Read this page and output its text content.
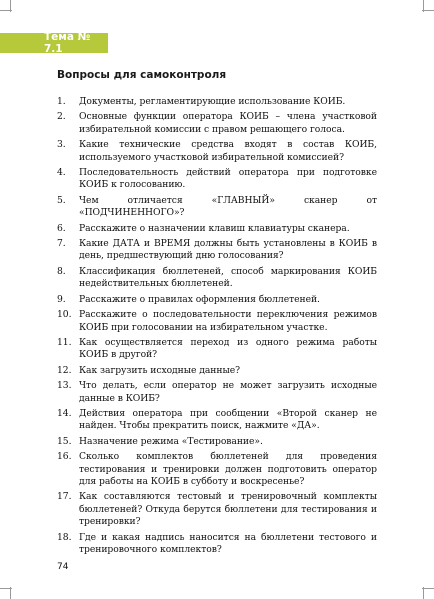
Тема № 7.1
Вопросы для самоконтроля
1.	Документы, регламентирующие использование КОИБ.
2.	Основные функции оператора КОИБ – члена участковой избирательной комиссии с правом решающего голоса.
3.	Какие технические средства входят в состав КОИБ, используемого участковой избирательной комиссией?
4.	Последовательность действий оператора при подготовке КОИБ к голосованию.
5.	Чем отличается «ГЛАВНЫЙ» сканер от «ПОДЧИНЕННОГО»?
6.	Расскажите о назначении клавиш клавиатуры сканера.
7.	Какие ДАТА и ВРЕМЯ должны быть установлены в КОИБ в день, предшествующий дню голосования?
8.	Классификация бюллетеней, способ маркирования КОИБ недействительных бюллетеней.
9.	Расскажите о правилах оформления бюллетеней.
10. Расскажите о последовательности переключения режимов КОИБ при голосовании на избирательном участке.
11. Как осуществляется переход из одного режима работы КОИБ в другой?
12. Как загрузить исходные данные?
13. Что делать, если оператор не может загрузить исходные данные в КОИБ?
14. Действия оператора при сообщении «Второй сканер не найден. Чтобы прекратить поиск, нажмите «ДА».
15. Назначение режима «Тестирование».
16. Сколько комплектов бюллетеней для проведения тестирования и тренировки должен подготовить оператор для работы на КОИБ в субботу и воскресенье?
17. Как составляются тестовый и тренировочный комплекты бюллетеней? Откуда берутся бюллетени для тестирования и тренировки?
18. Где и какая надпись наносится на бюллетени тестового и тренировочного комплектов?
74
